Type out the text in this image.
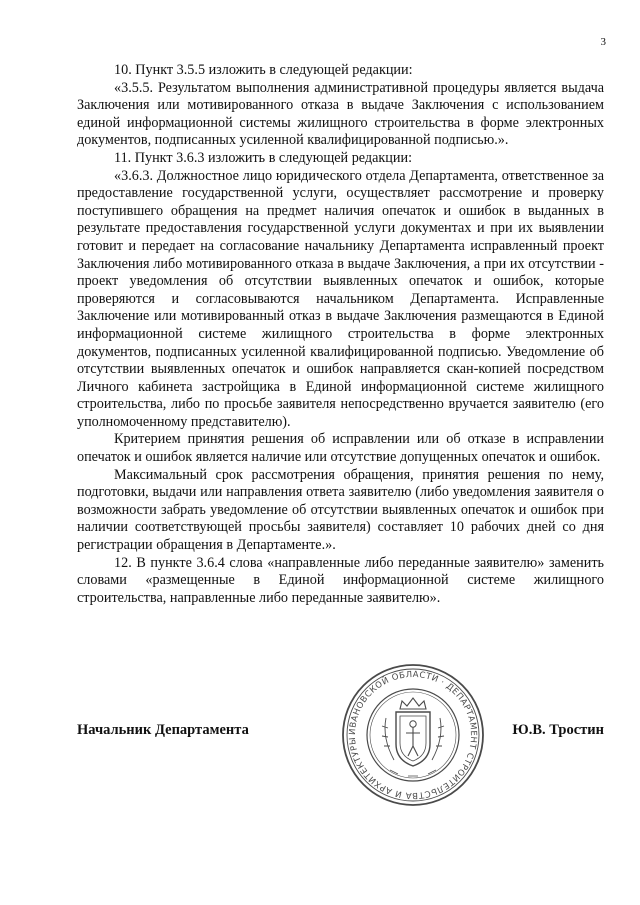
3

10. Пункт 3.5.5 изложить в следующей редакции:

«3.5.5. Результатом выполнения административной процедуры является выдача Заключения или мотивированного отказа в выдаче Заключения с использованием единой информационной системы жилищного строительства в форме электронных документов, подписанных усиленной квалифицированной подписью.».

11. Пункт 3.6.3 изложить в следующей редакции:

«3.6.3. Должностное лицо юридического отдела Департамента, ответственное за предоставление государственной услуги, осуществляет рассмотрение и проверку поступившего обращения на предмет наличия опечаток и ошибок в выданных в результате предоставления государственной услуги документах и при их выявлении готовит и передает на согласование начальнику Департамента исправленный проект Заключения либо мотивированного отказа в выдаче Заключения, а при их отсутствии - проект уведомления об отсутствии выявленных опечаток и ошибок, которые проверяются и согласовываются начальником Департамента. Исправленные Заключение или мотивированный отказ в выдаче Заключения размещаются в Единой информационной системе жилищного строительства в форме электронных документов, подписанных усиленной квалифицированной подписью. Уведомление об отсутствии выявленных опечаток и ошибок направляется скан-копией посредством Личного кабинета застройщика в Единой информационной системе жилищного строительства, либо по просьбе заявителя непосредственно вручается заявителю (его уполномоченному представителю).

Критерием принятия решения об исправлении или об отказе в исправлении опечаток и ошибок является наличие или отсутствие допущенных опечаток и ошибок.

Максимальный срок рассмотрения обращения, принятия решения по нему, подготовки, выдачи или направления ответа заявителю (либо уведомления заявителя о возможности забрать уведомление об отсутствии выявленных опечаток и ошибок при наличии соответствующей просьбы заявителя) составляет 10 рабочих дней со дня регистрации обращения в Департаменте.».

12. В пункте 3.6.4 слова «направленные либо переданные заявителю» заменить словами «размещенные в Единой информационной системе жилищного строительства, направленные либо переданные заявителю».

Начальник Департамента	Ю.В. Тростин
ИВАНОВСКОЙ ОБЛАСТИ · ДЕПАРТАМЕНТ СТРОИТЕЛЬСТВА И АРХИТЕКТУРЫ
